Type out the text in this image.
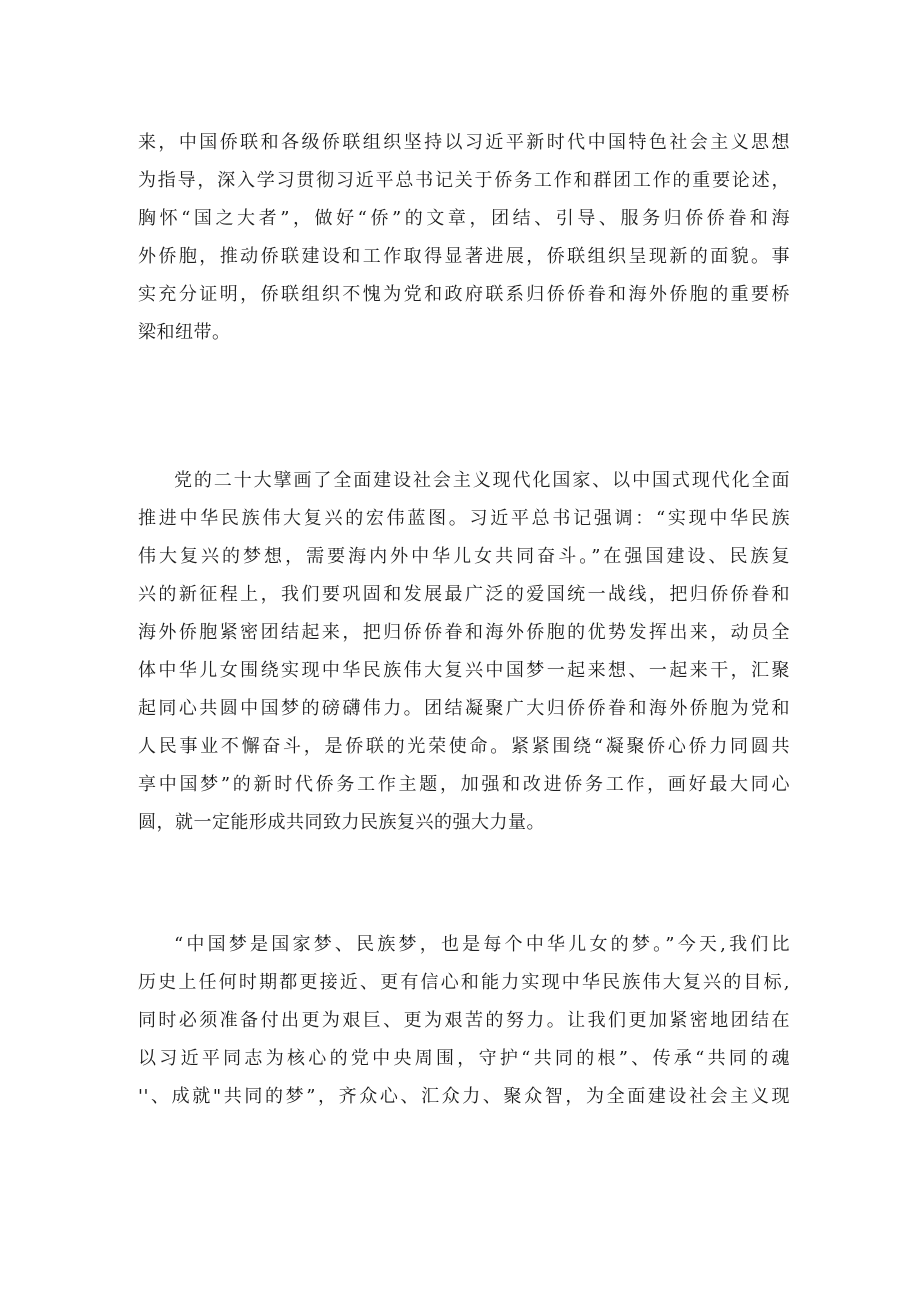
来，中国侨联和各级侨联组织坚持以习近平新时代中国特色社会主义思想
为指导，深入学习贯彻习近平总书记关于侨务工作和群团工作的重要论述，
胸怀“国之大者”，做好“侨”的文章，团结、引导、服务归侨侨眷和海
外侨胞，推动侨联建设和工作取得显著进展，侨联组织呈现新的面貌。事
实充分证明，侨联组织不愧为党和政府联系归侨侨眷和海外侨胞的重要桥
梁和纽带。
党的二十大擘画了全面建设社会主义现代化国家、以中国式现代化全面
推进中华民族伟大复兴的宏伟蓝图。习近平总书记强调：“实现中华民族
伟大复兴的梦想，需要海内外中华儿女共同奋斗。”在强国建设、民族复
兴的新征程上，我们要巩固和发展最广泛的爱国统一战线，把归侨侨眷和
海外侨胞紧密团结起来，把归侨侨眷和海外侨胞的优势发挥出来，动员全
体中华儿女围绕实现中华民族伟大复兴中国梦一起来想、一起来干，汇聚
起同心共圆中国梦的磅礴伟力。团结凝聚广大归侨侨眷和海外侨胞为党和
人民事业不懈奋斗，是侨联的光荣使命。紧紧围绕“凝聚侨心侨力同圆共
享中国梦”的新时代侨务工作主题，加强和改进侨务工作，画好最大同心
圆，就一定能形成共同致力民族复兴的强大力量。
“中国梦是国家梦、民族梦，也是每个中华儿女的梦。”今天,我们比
历史上任何时期都更接近、更有信心和能力实现中华民族伟大复兴的目标,
同时必须准备付出更为艰巨、更为艰苦的努力。让我们更加紧密地团结在
以习近平同志为核心的党中央周围，守护“共同的根”、传承“共同的魂
''、成就"共同的梦”，齐众心、汇众力、聚众智，为全面建设社会主义现
